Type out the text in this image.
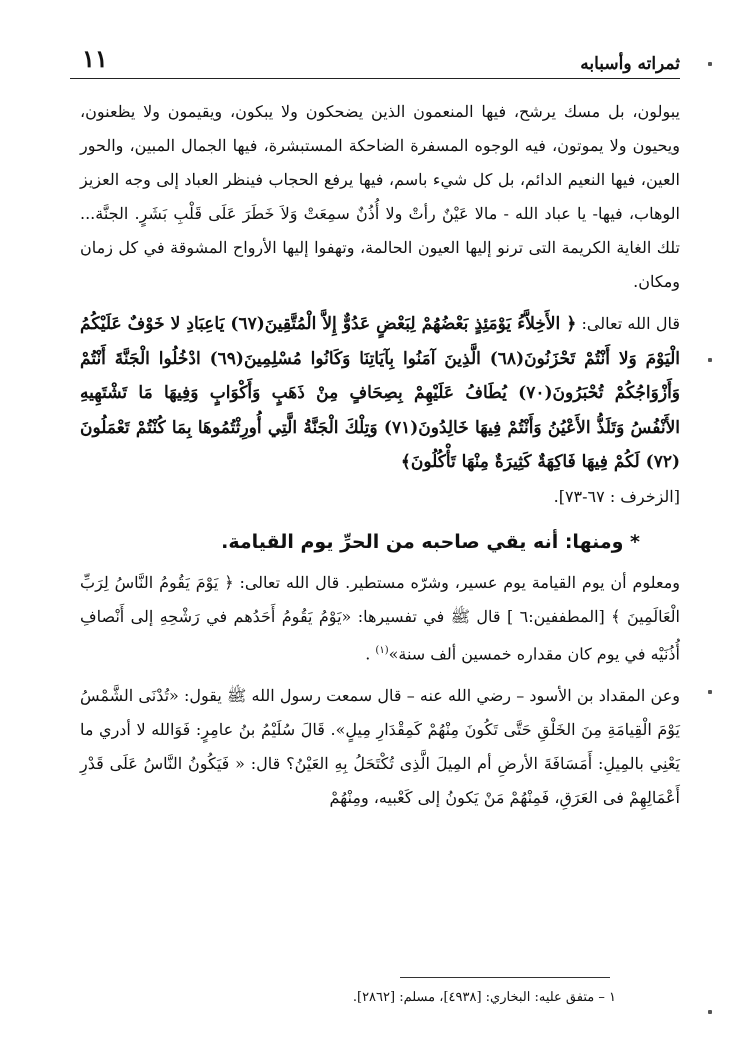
ثمراته وأسبابه
١١

يبولون، بل مسك يرشح، فيها المنعمون الذين يضحكون ولا يبكون، ويقيمون ولا يظعنون، ويحيون ولا يموتون، فيه الوجوه المسفرة الضاحكة المستبشرة، فيها الجمال المبين، والحور العين، فيها النعيم الدائم، بل كل شيء باسم، فيها يرفع الحجاب فينظر العباد إلى وجه العزيز الوهاب، فيها- يا عباد الله - مالا عَيْنٌ رأتْ ولا أُذُنٌ سمِعَتْ وَلاَ خَطَرَ عَلَى قَلْبِ بَشَرٍ. الجنَّة... تلك الغاية الكريمة التى ترنو إليها العيون الحالمة، وتهفوا إليها الأرواح المشوقة في كل زمان ومكان.

قال الله تعالى: ﴿ الأَخِلاَّءُ يَوْمَئِذٍ بَعْضُهُمْ لِبَعْضٍ عَدُوٌّ إِلاَّ الْمُتَّقِينَ(٦٧) يَاعِبَادِ لا خَوْفٌ عَلَيْكُمُ الْيَوْمَ وَلا أَنْتُمْ تَحْزَنُونَ(٦٨) الَّذِينَ آمَنُوا بِآيَاتِنَا وَكَانُوا مُسْلِمِينَ(٦٩) ادْخُلُوا الْجَنَّةَ أَنْتُمْ وَأَزْوَاجُكُمْ تُحْبَرُونَ(٧٠) يُطَافُ عَلَيْهِمْ بِصِحَافٍ مِنْ ذَهَبٍ وَأَكْوَابٍ وَفِيهَا مَا تَشْتَهِيهِ الأَنْفُسُ وَتَلَذُّ الأَعْيُنُ وَأَنْتُمْ فِيهَا خَالِدُونَ(٧١) وَتِلْكَ الْجَنَّةُ الَّتِي أُورِثْتُمُوهَا بِمَا كُنْتُمْ تَعْمَلُونَ (٧٢) لَكُمْ فِيهَا فَاكِهَةٌ كَثِيرَةٌ مِنْهَا تَأْكُلُونَ﴾

[الزخرف : ٦٧-٧٣].

* ومنها: أنه يقي صاحبه من الحرِّ يوم القيامة.

ومعلوم أن يوم القيامة يوم عسير، وشرّه مستطير. قال الله تعالى: ﴿ يَوْمَ يَقُومُ النَّاسُ لِرَبِّ الْعَالَمِينَ ﴾ [المطففين:٦ ] قال ﷺ في تفسيرها: «يَوْمُ يَقُومُ أَحَدُهم في رَشْحِهِ إلى أَنْصافِ أُذُنَيْه في يوم كان مقداره خمسين ألف سنة»$^{(١)}$ .

وعن المقداد بن الأسود – رضي الله عنه – قال سمعت رسول الله ﷺ يقول: «تُدْنَى الشَّمْسُ يَوْمَ الْقِيامَةِ مِنَ الخَلْقِ حَتَّى تَكُونَ مِنْهُمْ كَمِقْدَارِ مِيلٍ». قَالَ سُلَيْمُ بنُ عامِرٍ: فَوَالله لا أدري ما يَعْنِي بالمِيلِ: أَمَسَافَةَ الأرضِ أم المِيلَ الَّذِى تُكْتَحَلُ بِهِ العَيْنُ؟ قال: « فَيَكُونُ النَّاسُ عَلَى قَدْرِ أَعْمَالِهِمْ فى العَرَقِ، فَمِنْهُمْ مَنْ يَكونُ إلى كَعْبيه، ومِنْهُمْ

١ – متفق عليه: البخاري: [٤٩٣٨]، مسلم: [٢٨٦٢].
